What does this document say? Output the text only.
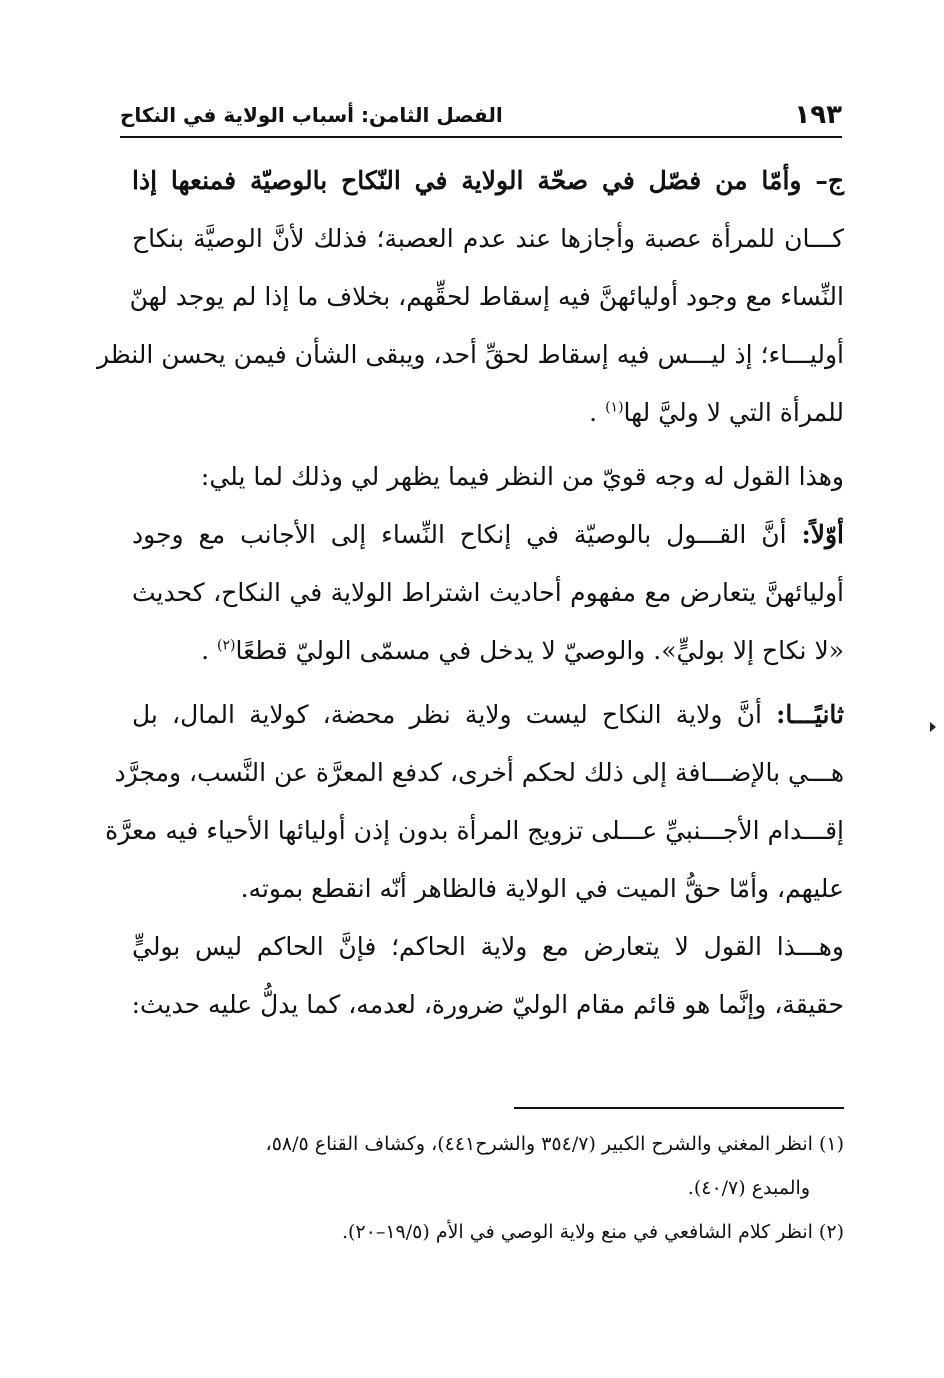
١٩٣
الفصل الثامن: أسباب الولاية في النكاح
ج– وأمّا من فصّل في صحّة الولاية في النّكاح بالوصيّة فمنعها إذا
كـــان للمرأة عصبة وأجازها عند عدم العصبة؛ فذلك لأنَّ الوصيَّة بنكاح
النِّساء مع وجود أوليائهنَّ فيه إسقاط لحقِّهم، بخلاف ما إذا لم يوجد لهنّ
أوليـــاء؛ إذ ليـــس فيه إسقاط لحقِّ أحد، ويبقى الشأن فيمن يحسن النظر
للمرأة التي لا وليَّ لها$^{(١)}$ .
وهذا القول له وجه قويّ من النظر فيما يظهر لي وذلك لما يلي:
أوّلاً: أنَّ القـــول بالوصيّة في إنكاح النِّساء إلى الأجانب مع وجود
أوليائهنَّ يتعارض مع مفهوم أحاديث اشتراط الولاية في النكاح، كحديث
«لا نكاح إلا بوليٍّ». والوصيّ لا يدخل في مسمّى الوليّ قطعًا$^{(٢)}$ .
ثانيًـــا: أنَّ ولاية النكاح ليست ولاية نظر محضة، كولاية المال، بل
هـــي بالإضـــافة إلى ذلك لحكم أخرى، كدفع المعرَّة عن النَّسب، ومجرَّد
إقـــدام الأجـــنبيِّ عـــلى تزويج المرأة بدون إذن أوليائها الأحياء فيه معرَّة
عليهم، وأمّا حقُّ الميت في الولاية فالظاهر أنّه انقطع بموته.
وهـــذا القول لا يتعارض مع ولاية الحاكم؛ فإنَّ الحاكم ليس بوليٍّ
حقيقة، وإنَّما هو قائم مقام الوليّ ضرورة، لعدمه، كما يدلُّ عليه حديث:
(١) انظر المغني والشرح الكبير (٣٥٤/٧ والشرح٤٤١)، وكشاف القناع ٥٨/٥،
والمبدع (٤٠/٧).
(٢) انظر كلام الشافعي في منع ولاية الوصي في الأم (١٩/٥–٢٠).
